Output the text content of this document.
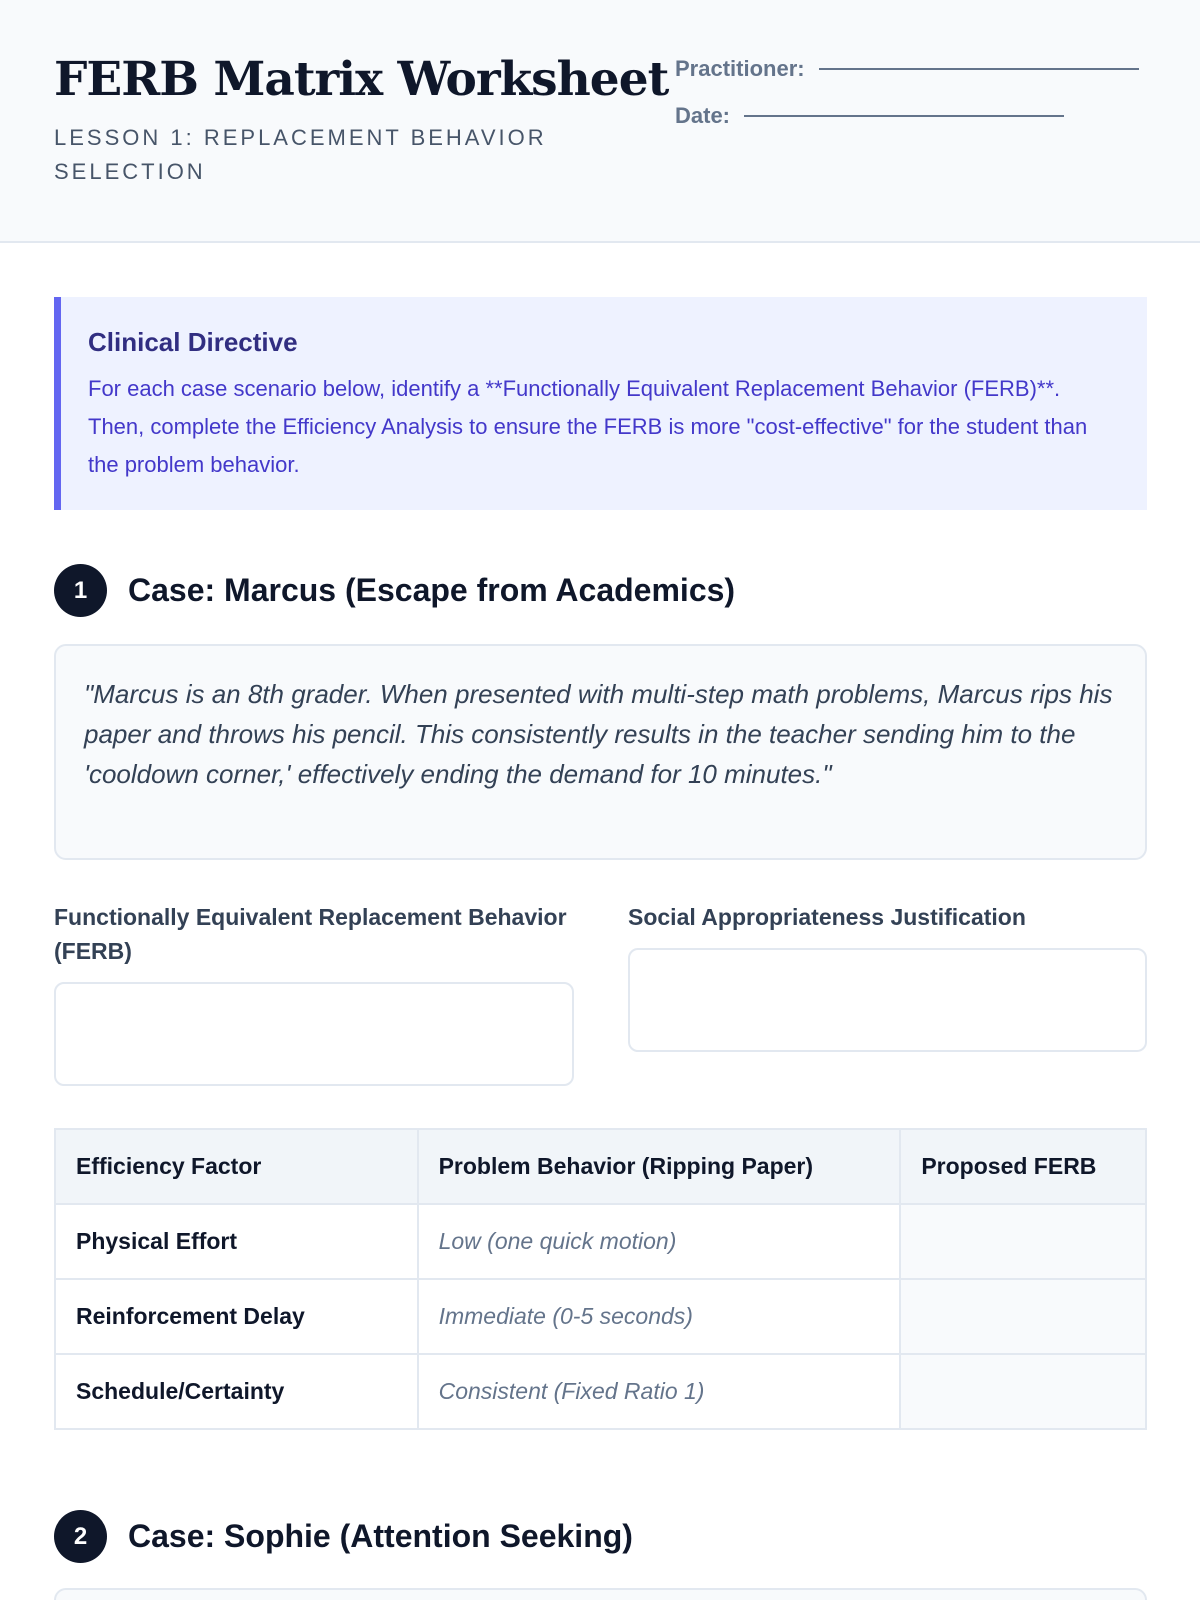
FERB Matrix Worksheet
LESSON 1: REPLACEMENT BEHAVIOR SELECTION
Practitioner:
Date:
Clinical Directive
For each case scenario below, identify a **Functionally Equivalent Replacement Behavior (FERB)**. Then, complete the Efficiency Analysis to ensure the FERB is more "cost-effective" for the student than the problem behavior.
1	Case: Marcus (Escape from Academics)
"Marcus is an 8th grader. When presented with multi-step math problems, Marcus rips his paper and throws his pencil. This consistently results in the teacher sending him to the 'cooldown corner,' effectively ending the demand for 10 minutes."
Functionally Equivalent Replacement Behavior (FERB)
Social Appropriateness Justification
Efficiency Factor	Problem Behavior (Ripping Paper)	Proposed FERB
Physical Effort	Low (one quick motion)	
Reinforcement Delay	Immediate (0-5 seconds)	
Schedule/Certainty	Consistent (Fixed Ratio 1)	
2	Case: Sophie (Attention Seeking)
